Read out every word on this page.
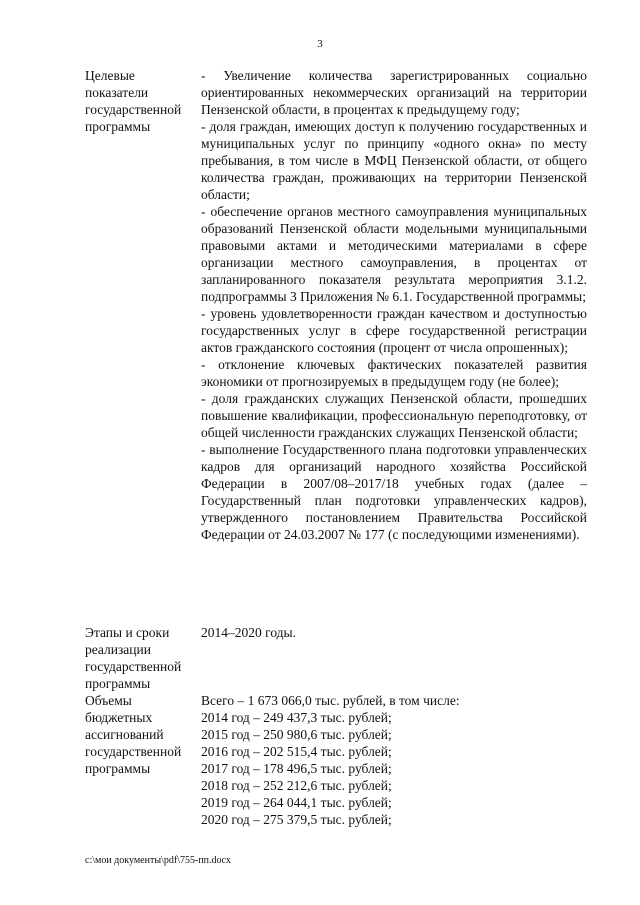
3
Целевые показатели государственной программы

- Увеличение количества зарегистрированных социально ориентированных некоммерческих организаций на территории Пензенской области, в процентах к предыдущему году;

- доля граждан, имеющих доступ к получению государственных и муниципальных услуг по принципу «одного окна» по месту пребывания, в том числе в МФЦ Пензенской области, от общего количества граждан, проживающих на территории Пензенской области;

- обеспечение органов местного самоуправления муниципальных образований Пензенской области модельными муниципальными правовыми актами и методическими материалами в сфере организации местного самоуправления, в процентах от запланированного показателя результата мероприятия 3.1.2. подпрограммы 3 Приложения № 6.1. Государственной программы;

- уровень удовлетворенности граждан качеством и доступностью государственных услуг в сфере государственной регистрации актов гражданского состояния (процент от числа опрошенных);

- отклонение ключевых фактических показателей развития экономики от прогнозируемых в предыдущем году (не более);

- доля гражданских служащих Пензенской области, прошедших повышение квалификации, профессиональную переподготовку, от общей численности гражданских служащих Пензенской области;

- выполнение Государственного плана подготовки управленческих кадров для организаций народного хозяйства Российской Федерации в 2007/08–2017/18 учебных годах (далее – Государственный план подготовки управленческих кадров), утвержденного постановлением Правительства Российской Федерации от 24.03.2007 № 177 (с последующими изменениями).

Этапы и сроки реализации государственной программы

2014–2020 годы.

Объемы бюджетных ассигнований государственной программы
Всего – 1 673 066,0 тыс. рублей, в том числе:
2014 год – 249 437,3 тыс. рублей;
2015 год – 250 980,6 тыс. рублей;
2016 год – 202 515,4 тыс. рублей;
2017 год – 178 496,5 тыс. рублей;
2018 год – 252 212,6 тыс. рублей;
2019 год – 264 044,1 тыс. рублей;
2020 год – 275 379,5 тыс. рублей;
c:\мои документы\pdf\755-пп.docx
